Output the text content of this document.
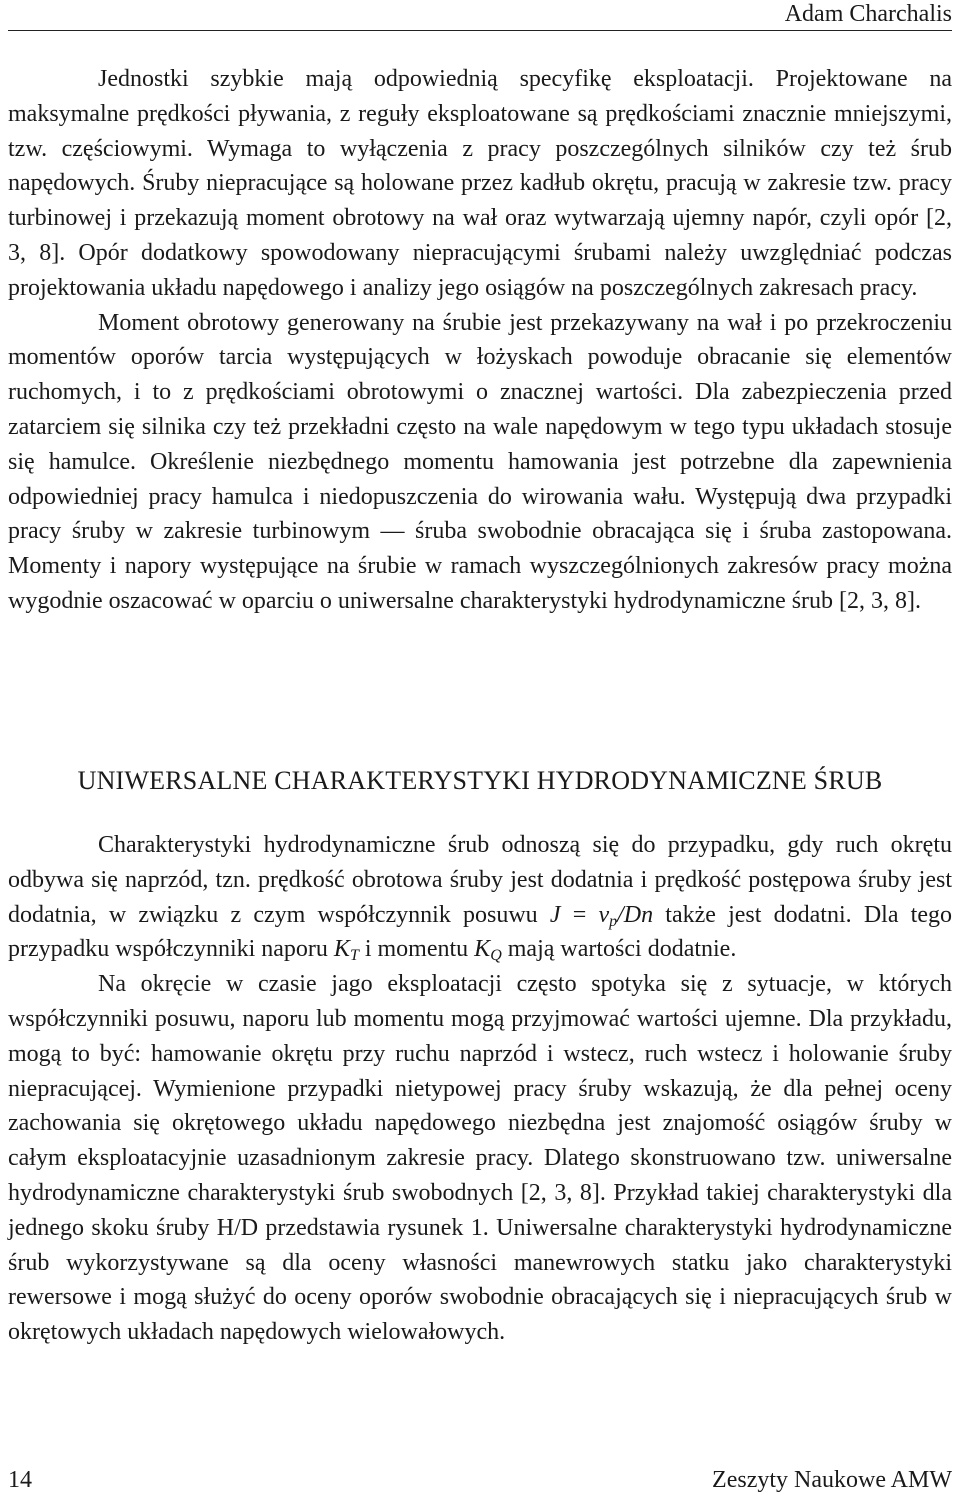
Adam Charchalis

Jednostki szybkie mają odpowiednią specyfikę eksploatacji. Projektowane na maksymalne prędkości pływania, z reguły eksploatowane są prędkościami znacznie mniejszymi, tzw. częściowymi. Wymaga to wyłączenia z pracy poszczególnych silników czy też śrub napędowych. Śruby niepracujące są holowane przez kadłub okrętu, pracują w zakresie tzw. pracy turbinowej i przekazują moment obrotowy na wał oraz wytwarzają ujemny napór, czyli opór [2, 3, 8]. Opór dodatkowy spowodowany niepracującymi śrubami należy uwzględniać podczas projektowania układu napędowego i analizy jego osiągów na poszczególnych zakresach pracy.

Moment obrotowy generowany na śrubie jest przekazywany na wał i po przekroczeniu momentów oporów tarcia występujących w łożyskach powoduje obracanie się elementów ruchomych, i to z prędkościami obrotowymi o znacznej wartości. Dla zabezpieczenia przed zatarciem się silnika czy też przekładni często na wale napędowym w tego typu układach stosuje się hamulce. Określenie niezbędnego momentu hamowania jest potrzebne dla zapewnienia odpowiedniej pracy hamulca i niedopuszczenia do wirowania wału. Występują dwa przypadki pracy śruby w zakresie turbinowym — śruba swobodnie obracająca się i śruba zastopowana. Momenty i napory występujące na śrubie w ramach wyszczególnionych zakresów pracy można wygodnie oszacować w oparciu o uniwersalne charakterystyki hydrodynamiczne śrub [2, 3, 8].

UNIWERSALNE CHARAKTERYSTYKI HYDRODYNAMICZNE ŚRUB

Charakterystyki hydrodynamiczne śrub odnoszą się do przypadku, gdy ruch okrętu odbywa się naprzód, tzn. prędkość obrotowa śruby jest dodatnia i prędkość postępowa śruby jest dodatnia, w związku z czym współczynnik posuwu $J = v_p/Dn$ także jest dodatni. Dla tego przypadku współczynniki naporu $K_T$ i momentu $K_Q$ mają wartości dodatnie.

Na okręcie w czasie jago eksploatacji często spotyka się z sytuacje, w których współczynniki posuwu, naporu lub momentu mogą przyjmować wartości ujemne. Dla przykładu, mogą to być: hamowanie okrętu przy ruchu naprzód i wstecz, ruch wstecz i holowanie śruby niepracującej. Wymienione przypadki nietypowej pracy śruby wskazują, że dla pełnej oceny zachowania się okrętowego układu napędowego niezbędna jest znajomość osiągów śruby w całym eksploatacyjnie uzasadnionym zakresie pracy. Dlatego skonstruowano tzw. uniwersalne hydrodynamiczne charakterystyki śrub swobodnych [2, 3, 8]. Przykład takiej charakterystyki dla jednego skoku śruby H/D przedstawia rysunek 1. Uniwersalne charakterystyki hydrodynamiczne śrub wykorzystywane są dla oceny własności manewrowych statku jako charakterystyki rewersowe i mogą służyć do oceny oporów swobodnie obracających się i niepracujących śrub w okrętowych układach napędowych wielowałowych.

14	Zeszyty Naukowe AMW
